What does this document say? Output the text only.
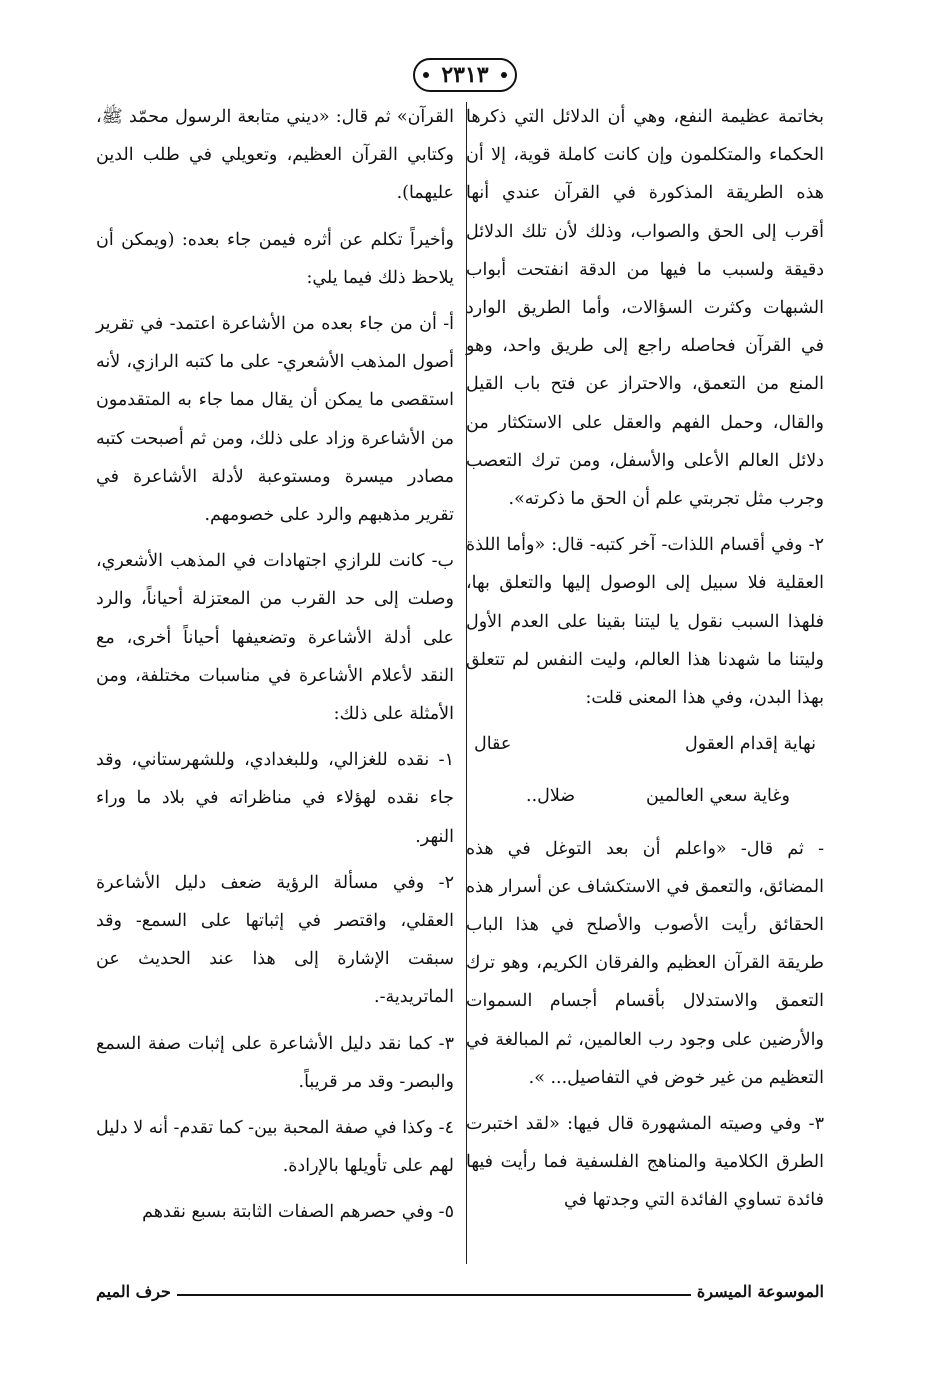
٢٣١٣

بخاتمة عظيمة النفع، وهي أن الدلائل التي ذكرها الحكماء والمتكلمون وإن كانت كاملة قوية، إلا أن هذه الطريقة المذكورة في القرآن عندي أنها أقرب إلى الحق والصواب، وذلك لأن تلك الدلائل دقيقة ولسبب ما فيها من الدقة انفتحت أبواب الشبهات وكثرت السؤالات، وأما الطريق الوارد في القرآن فحاصله راجع إلى طريق واحد، وهو المنع من التعمق، والاحتراز عن فتح باب القيل والقال، وحمل الفهم والعقل على الاستكثار من دلائل العالم الأعلى والأسفل، ومن ترك التعصب وجرب مثل تجربتي علم أن الحق ما ذكرته».

٢- وفي أقسام اللذات- آخر كتبه- قال: «وأما اللذة العقلية فلا سبيل إلى الوصول إليها والتعلق بها، فلهذا السبب نقول يا ليتنا بقينا على العدم الأول وليتنا ما شهدنا هذا العالم، وليت النفس لم تتعلق بهذا البدن، وفي هذا المعنى قلت:

نهاية إقدام العقول
عقال
وغاية سعي العالمين
ضلال..

- ثم قال- «واعلم أن بعد التوغل في هذه المضائق، والتعمق في الاستكشاف عن أسرار هذه الحقائق رأيت الأصوب والأصلح في هذا الباب طريقة القرآن العظيم والفرقان الكريم، وهو ترك التعمق والاستدلال بأقسام أجسام السموات والأرضين على وجود رب العالمين، ثم المبالغة في التعظيم من غير خوض في التفاصيل... ».

٣- وفي وصيته المشهورة قال فيها: «لقد اختبرت الطرق الكلامية والمناهج الفلسفية فما رأيت فيها فائدة تساوي الفائدة التي وجدتها في

القرآن» ثم قال: «ديني متابعة الرسول محمّد ﷺ، وكتابي القرآن العظيم، وتعويلي في طلب الدين عليهما).

وأخيراً تكلم عن أثره فيمن جاء بعده: (ويمكن أن يلاحظ ذلك فيما يلي:

أ- أن من جاء بعده من الأشاعرة اعتمد- في تقرير أصول المذهب الأشعري- على ما كتبه الرازي، لأنه استقصى ما يمكن أن يقال مما جاء به المتقدمون من الأشاعرة وزاد على ذلك، ومن ثم أصبحت كتبه مصادر ميسرة ومستوعبة لأدلة الأشاعرة في تقرير مذهبهم والرد على خصومهم.

ب- كانت للرازي اجتهادات في المذهب الأشعري، وصلت إلى حد القرب من المعتزلة أحياناً، والرد على أدلة الأشاعرة وتضعيفها أحياناً أخرى، مع النقد لأعلام الأشاعرة في مناسبات مختلفة، ومن الأمثلة على ذلك:

١- نقده للغزالي، وللبغدادي، وللشهرستاني، وقد جاء نقده لهؤلاء في مناظراته في بلاد ما وراء النهر.

٢- وفي مسألة الرؤية ضعف دليل الأشاعرة العقلي، واقتصر في إثباتها على السمع- وقد سبقت الإشارة إلى هذا عند الحديث عن الماتريدية-.

٣- كما نقد دليل الأشاعرة على إثبات صفة السمع والبصر- وقد مر قريباً.

٤- وكذا في صفة المحبة بين- كما تقدم- أنه لا دليل لهم على تأويلها بالإرادة.

٥- وفي حصرهم الصفات الثابتة بسبع نقدهم

الموسوعة الميسرة
حرف الميم
